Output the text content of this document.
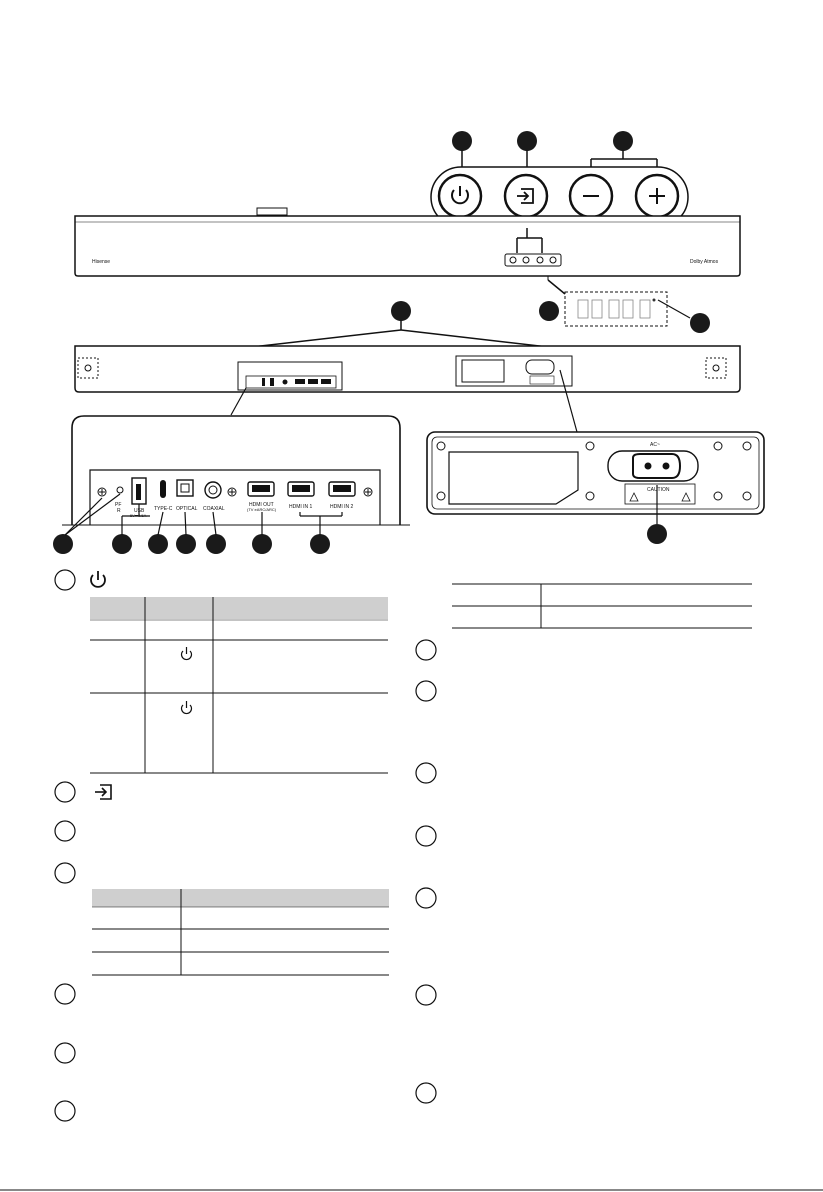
Hisense	Dolby Atmos
R
PF
USB
5V⎓0.5A
TYPE-C OPTICAL COAXIAL
HDMI OUT
(TV eARC/ARC)	HDMI IN 1	HDMI IN 2
AC~
CAUTION
